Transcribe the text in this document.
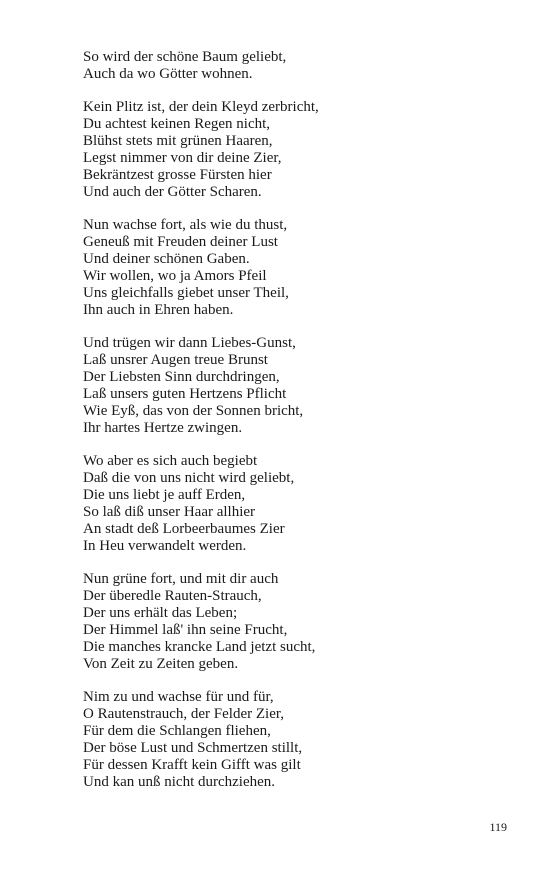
So wird der schöne Baum geliebt,
Auch da wo Götter wohnen.
Kein Plitz ist, der dein Kleyd zerbricht,
Du achtest keinen Regen nicht,
Blühst stets mit grünen Haaren,
Legst nimmer von dir deine Zier,
Bekräntzest grosse Fürsten hier
Und auch der Götter Scharen.
Nun wachse fort, als wie du thust,
Geneuß mit Freuden deiner Lust
Und deiner schönen Gaben.
Wir wollen, wo ja Amors Pfeil
Uns gleichfalls giebet unser Theil,
Ihn auch in Ehren haben.
Und trügen wir dann Liebes-Gunst,
Laß unsrer Augen treue Brunst
Der Liebsten Sinn durchdringen,
Laß unsers guten Hertzens Pflicht
Wie Eyß, das von der Sonnen bricht,
Ihr hartes Hertze zwingen.
Wo aber es sich auch begiebt
Daß die von uns nicht wird geliebt,
Die uns liebt je auff Erden,
So laß diß unser Haar allhier
An stadt deß Lorbeerbaumes Zier
In Heu verwandelt werden.
Nun grüne fort, und mit dir auch
Der überedle Rauten-Strauch,
Der uns erhält das Leben;
Der Himmel laß' ihn seine Frucht,
Die manches krancke Land jetzt sucht,
Von Zeit zu Zeiten geben.
Nim zu und wachse für und für,
O Rautenstrauch, der Felder Zier,
Für dem die Schlangen fliehen,
Der böse Lust und Schmertzen stillt,
Für dessen Krafft kein Gifft was gilt
Und kan unß nicht durchziehen.
119
